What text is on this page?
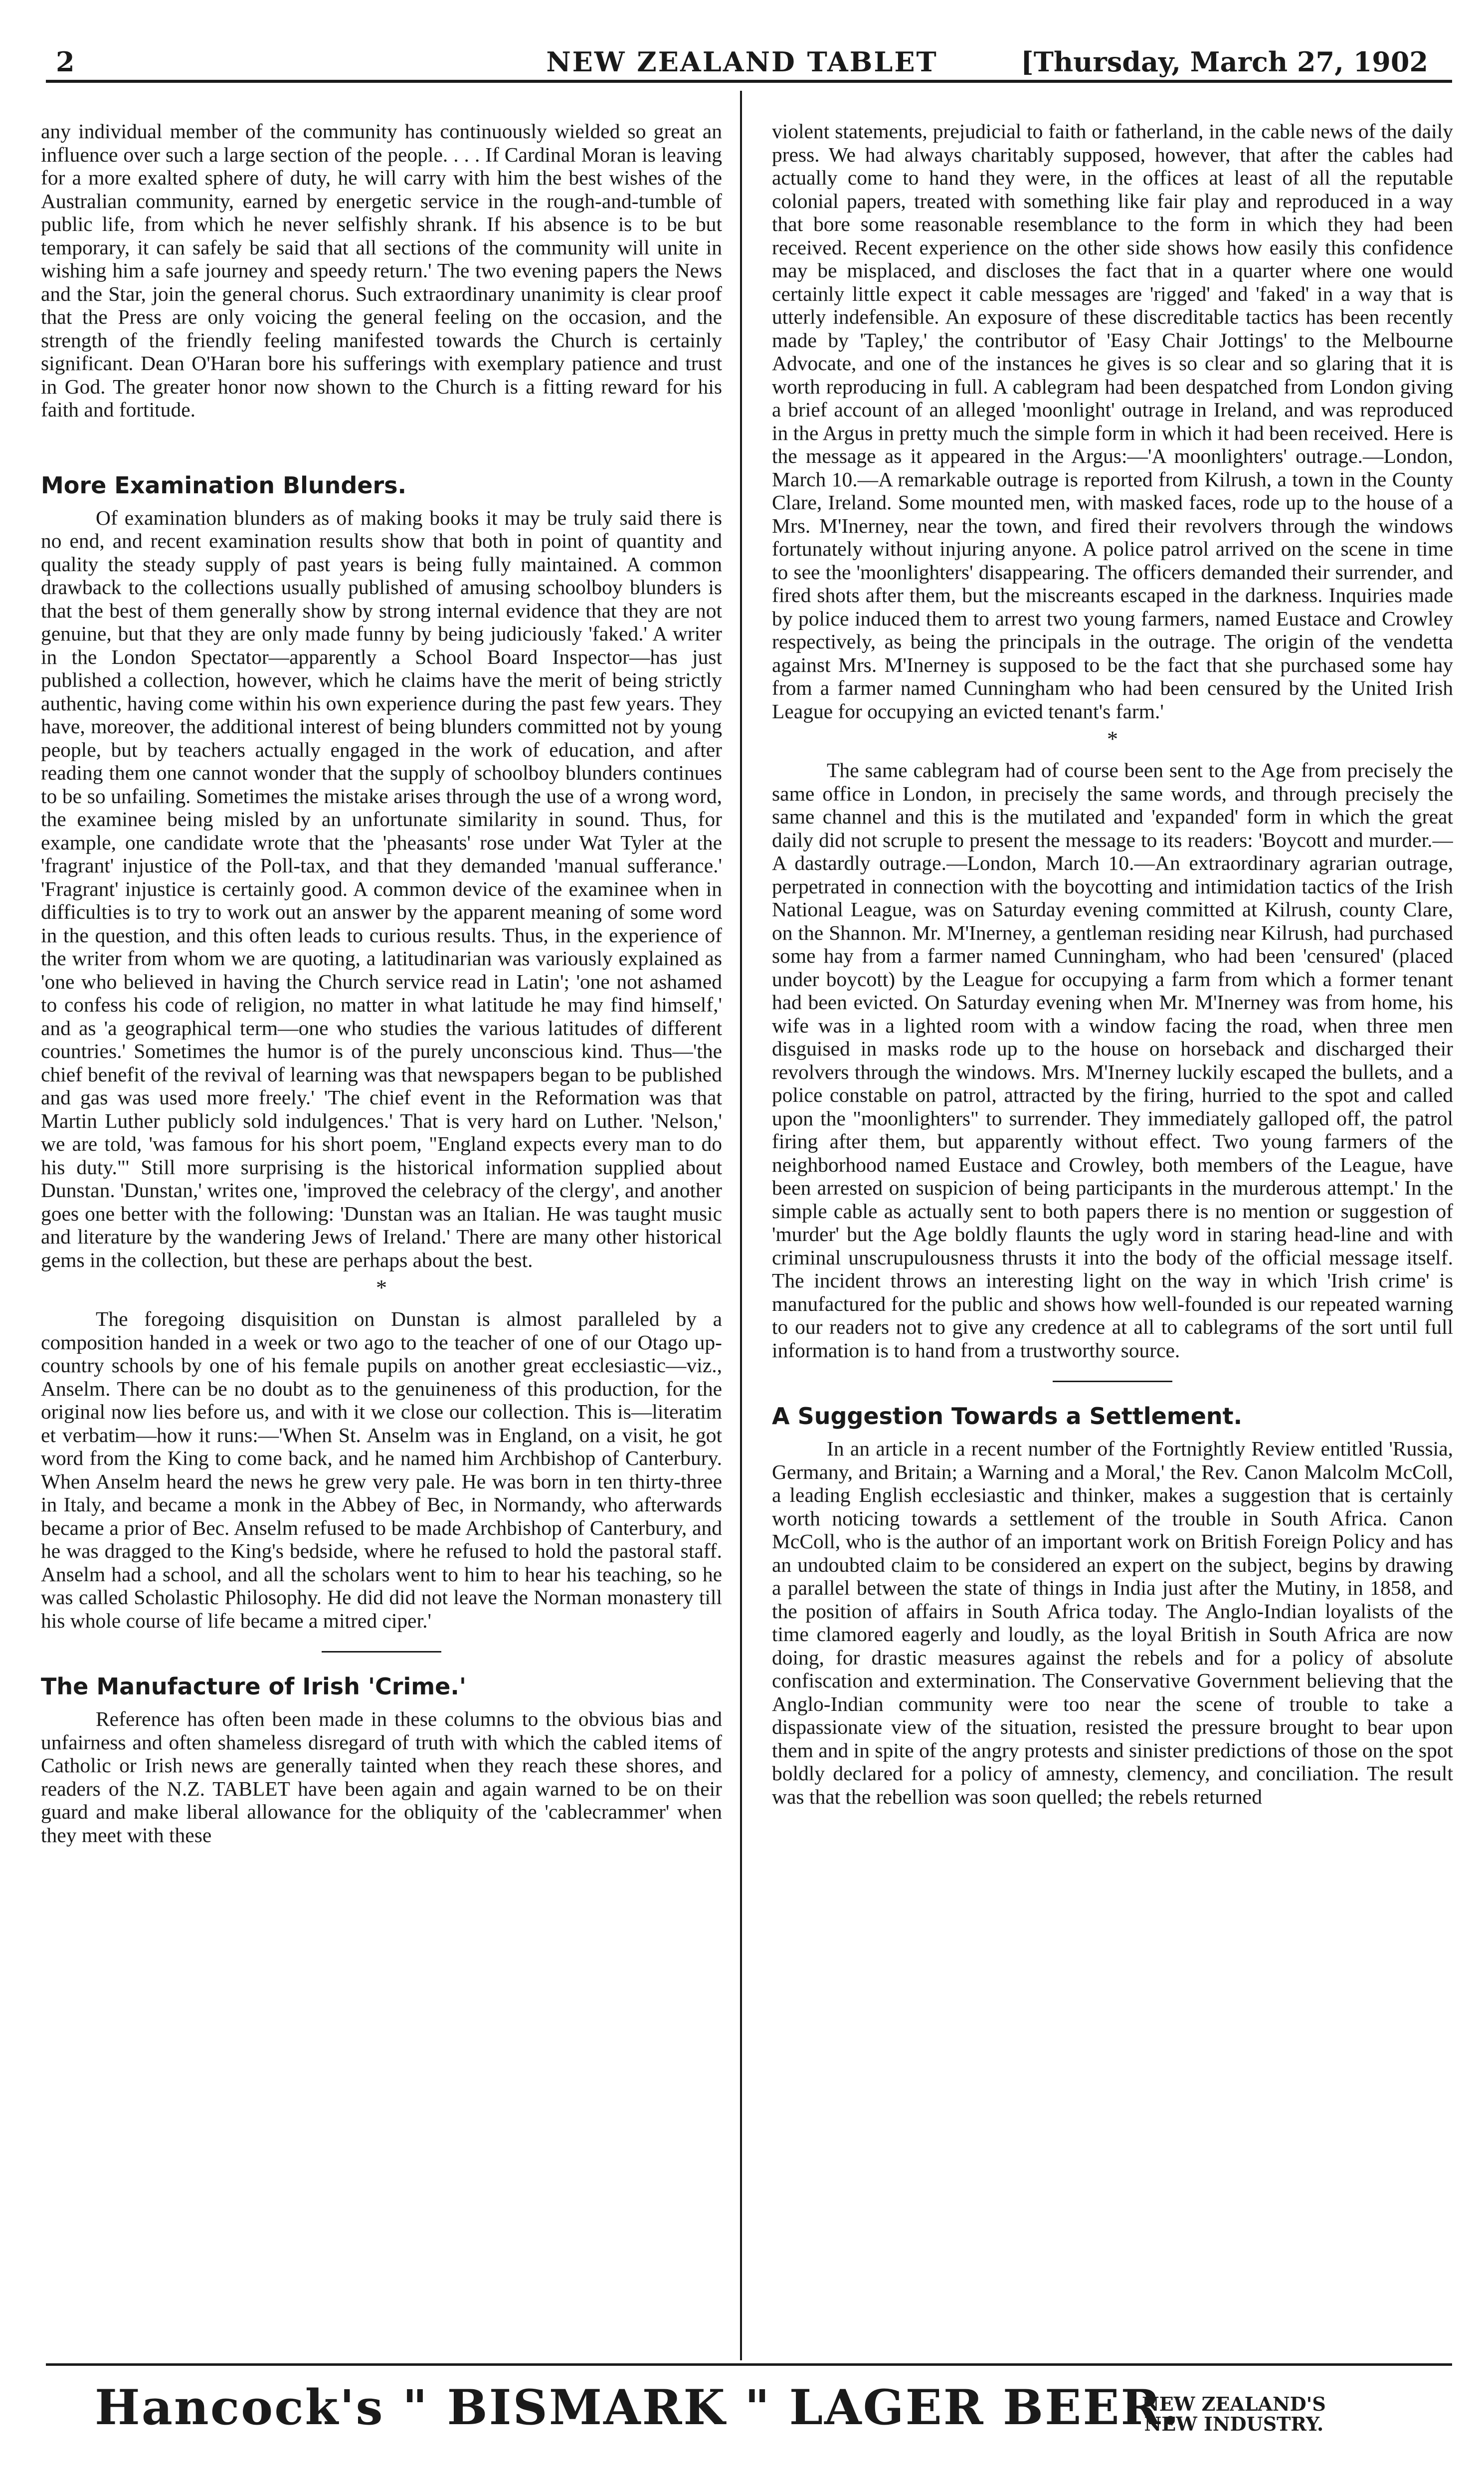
2	NEW ZEALAND TABLET	[Thursday, March 27, 1902

any individual member of the community has continuously wielded so great an influence over such a large section of the people. . . . If Cardinal Moran is leaving for a more exalted sphere of duty, he will carry with him the best wishes of the Australian community, earned by energetic service in the rough-and-tumble of public life, from which he never selfishly shrank. If his absence is to be but temporary, it can safely be said that all sections of the community will unite in wishing him a safe journey and speedy return.' The two evening papers the News and the Star, join the general chorus. Such extraordinary unanimity is clear proof that the Press are only voicing the general feeling on the occasion, and the strength of the friendly feeling manifested towards the Church is certainly significant. Dean O'Haran bore his sufferings with exemplary patience and trust in God. The greater honor now shown to the Church is a fitting reward for his faith and fortitude.

More Examination Blunders.

Of examination blunders as of making books it may be truly said there is no end, and recent examination results show that both in point of quantity and quality the steady supply of past years is being fully maintained. A common drawback to the collections usually published of amusing schoolboy blunders is that the best of them generally show by strong internal evidence that they are not genuine, but that they are only made funny by being judiciously 'faked.' A writer in the London Spectator—apparently a School Board Inspector—has just published a collection, however, which he claims have the merit of being strictly authentic, having come within his own experience during the past few years. They have, moreover, the additional interest of being blunders committed not by young people, but by teachers actually engaged in the work of education, and after reading them one cannot wonder that the supply of schoolboy blunders continues to be so unfailing. Sometimes the mistake arises through the use of a wrong word, the examinee being misled by an unfortunate similarity in sound. Thus, for example, one candidate wrote that the 'pheasants' rose under Wat Tyler at the 'fragrant' injustice of the Poll-tax, and that they demanded 'manual sufferance.' 'Fragrant' injustice is certainly good. A common device of the examinee when in difficulties is to try to work out an answer by the apparent meaning of some word in the question, and this often leads to curious results. Thus, in the experience of the writer from whom we are quoting, a latitudinarian was variously explained as 'one who believed in having the Church service read in Latin'; 'one not ashamed to confess his code of religion, no matter in what latitude he may find himself,' and as 'a geographical term—one who studies the various latitudes of different countries.' Sometimes the humor is of the purely unconscious kind. Thus—'the chief benefit of the revival of learning was that newspapers began to be published and gas was used more freely.' 'The chief event in the Reformation was that Martin Luther publicly sold indulgences.' That is very hard on Luther. 'Nelson,' we are told, 'was famous for his short poem, "England expects every man to do his duty."' Still more surprising is the historical information supplied about Dunstan. 'Dunstan,' writes one, 'improved the celebracy of the clergy', and another goes one better with the following: 'Dunstan was an Italian. He was taught music and literature by the wandering Jews of Ireland.' There are many other historical gems in the collection, but these are perhaps about the best.

*

The foregoing disquisition on Dunstan is almost paralleled by a composition handed in a week or two ago to the teacher of one of our Otago up-country schools by one of his female pupils on another great ecclesiastic—viz., Anselm. There can be no doubt as to the genuineness of this production, for the original now lies before us, and with it we close our collection. This is—literatim et verbatim—how it runs:—'When St. Anselm was in England, on a visit, he got word from the King to come back, and he named him Archbishop of Canterbury. When Anselm heard the news he grew very pale. He was born in ten thirty-three in Italy, and became a monk in the Abbey of Bec, in Normandy, who afterwards became a prior of Bec. Anselm refused to be made Archbishop of Canterbury, and he was dragged to the King's bedside, where he refused to hold the pastoral staff. Anselm had a school, and all the scholars went to him to hear his teaching, so he was called Scholastic Philosophy. He did did not leave the Norman monastery till his whole course of life became a mitred ciper.'

The Manufacture of Irish 'Crime.'

Reference has often been made in these columns to the obvious bias and unfairness and often shameless disregard of truth with which the cabled items of Catholic or Irish news are generally tainted when they reach these shores, and readers of the N.Z. TABLET have been again and again warned to be on their guard and make liberal allowance for the obliquity of the 'cablecrammer' when they meet with these

violent statements, prejudicial to faith or fatherland, in the cable news of the daily press. We had always charitably supposed, however, that after the cables had actually come to hand they were, in the offices at least of all the reputable colonial papers, treated with something like fair play and reproduced in a way that bore some reasonable resemblance to the form in which they had been received. Recent experience on the other side shows how easily this confidence may be misplaced, and discloses the fact that in a quarter where one would certainly little expect it cable messages are 'rigged' and 'faked' in a way that is utterly indefensible. An exposure of these discreditable tactics has been recently made by 'Tapley,' the contributor of 'Easy Chair Jottings' to the Melbourne Advocate, and one of the instances he gives is so clear and so glaring that it is worth reproducing in full. A cablegram had been despatched from London giving a brief account of an alleged 'moonlight' outrage in Ireland, and was reproduced in the Argus in pretty much the simple form in which it had been received. Here is the message as it appeared in the Argus:—'A moonlighters' outrage.—London, March 10.—A remarkable outrage is reported from Kilrush, a town in the County Clare, Ireland. Some mounted men, with masked faces, rode up to the house of a Mrs. M'Inerney, near the town, and fired their revolvers through the windows fortunately without injuring anyone. A police patrol arrived on the scene in time to see the 'moonlighters' disappearing. The officers demanded their surrender, and fired shots after them, but the miscreants escaped in the darkness. Inquiries made by police induced them to arrest two young farmers, named Eustace and Crowley respectively, as being the principals in the outrage. The origin of the vendetta against Mrs. M'Inerney is supposed to be the fact that she purchased some hay from a farmer named Cunningham who had been censured by the United Irish League for occupying an evicted tenant's farm.'

*

The same cablegram had of course been sent to the Age from precisely the same office in London, in precisely the same words, and through precisely the same channel and this is the mutilated and 'expanded' form in which the great daily did not scruple to present the message to its readers: 'Boycott and murder.—A dastardly outrage.—London, March 10.—An extraordinary agrarian outrage, perpetrated in connection with the boycotting and intimidation tactics of the Irish National League, was on Saturday evening committed at Kilrush, county Clare, on the Shannon. Mr. M'Inerney, a gentleman residing near Kilrush, had purchased some hay from a farmer named Cunningham, who had been 'censured' (placed under boycott) by the League for occupying a farm from which a former tenant had been evicted. On Saturday evening when Mr. M'Inerney was from home, his wife was in a lighted room with a window facing the road, when three men disguised in masks rode up to the house on horseback and discharged their revolvers through the windows. Mrs. M'Inerney luckily escaped the bullets, and a police constable on patrol, attracted by the firing, hurried to the spot and called upon the "moonlighters" to surrender. They immediately galloped off, the patrol firing after them, but apparently without effect. Two young farmers of the neighborhood named Eustace and Crowley, both members of the League, have been arrested on suspicion of being participants in the murderous attempt.' In the simple cable as actually sent to both papers there is no mention or suggestion of 'murder' but the Age boldly flaunts the ugly word in staring head-line and with criminal unscrupulousness thrusts it into the body of the official message itself. The incident throws an interesting light on the way in which 'Irish crime' is manufactured for the public and shows how well-founded is our repeated warning to our readers not to give any credence at all to cablegrams of the sort until full information is to hand from a trustworthy source.

A Suggestion Towards a Settlement.

In an article in a recent number of the Fortnightly Review entitled 'Russia, Germany, and Britain; a Warning and a Moral,' the Rev. Canon Malcolm McColl, a leading English ecclesiastic and thinker, makes a suggestion that is certainly worth noticing towards a settlement of the trouble in South Africa. Canon McColl, who is the author of an important work on British Foreign Policy and has an undoubted claim to be considered an expert on the subject, begins by drawing a parallel between the state of things in India just after the Mutiny, in 1858, and the position of affairs in South Africa today. The Anglo-Indian loyalists of the time clamored eagerly and loudly, as the loyal British in South Africa are now doing, for drastic measures against the rebels and for a policy of absolute confiscation and extermination. The Conservative Government believing that the Anglo-Indian community were too near the scene of trouble to take a dispassionate view of the situation, resisted the pressure brought to bear upon them and in spite of the angry protests and sinister predictions of those on the spot boldly declared for a policy of amnesty, clemency, and conciliation. The result was that the rebellion was soon quelled; the rebels returned

Hancock's " BISMARK " LAGER BEER.
NEW ZEALAND'S
NEW INDUSTRY.
